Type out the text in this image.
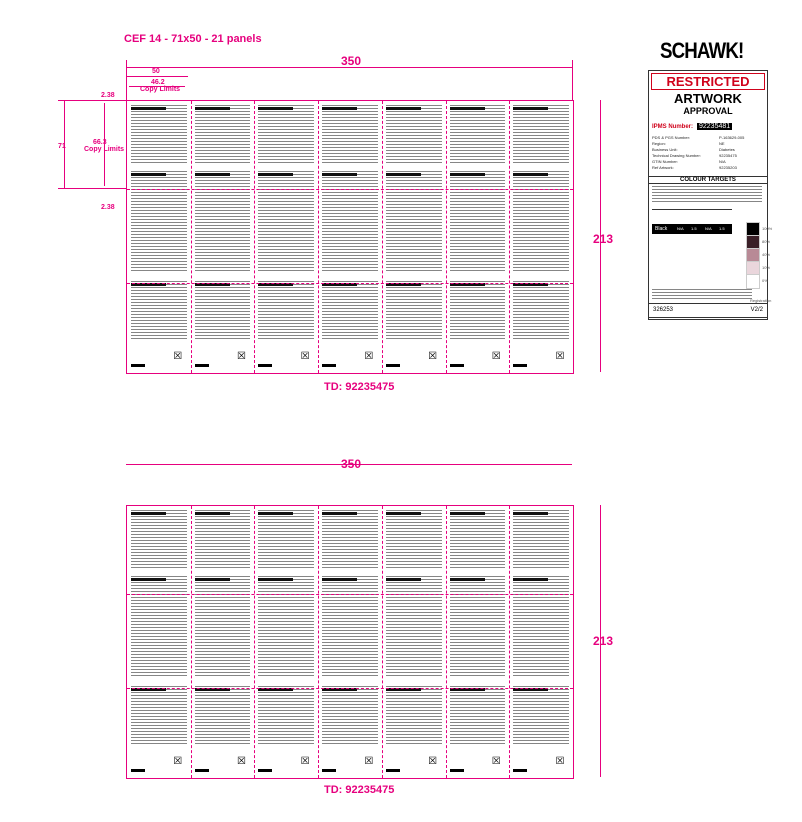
CEF 14 - 71x50 - 21 panels
350
50
46.2
Copy Limits
2.38
71
66.3
Copy Limits
2.38
213
☒	☒	☒	☒	☒	☒	☒
TD: 92235475
350
213
☒	☒	☒	☒	☒	☒	☒
TD: 92235475
SCHAWK!
RESTRICTED
ARTWORK
APPROVAL
IPMS Number: 92235481
PDS & PGS Number:	P-163629-005
Region:	NE
Business Unit:	Diabetes
Technical Drawing Number:	92235475
GTIN Number:	N/A
Ref Artwork:	92235203
COLOUR TARGETS
Black N/A 1.5 N/A 1.5
326253	V2/2
100%
80%
40%
10%
0%
Registration
